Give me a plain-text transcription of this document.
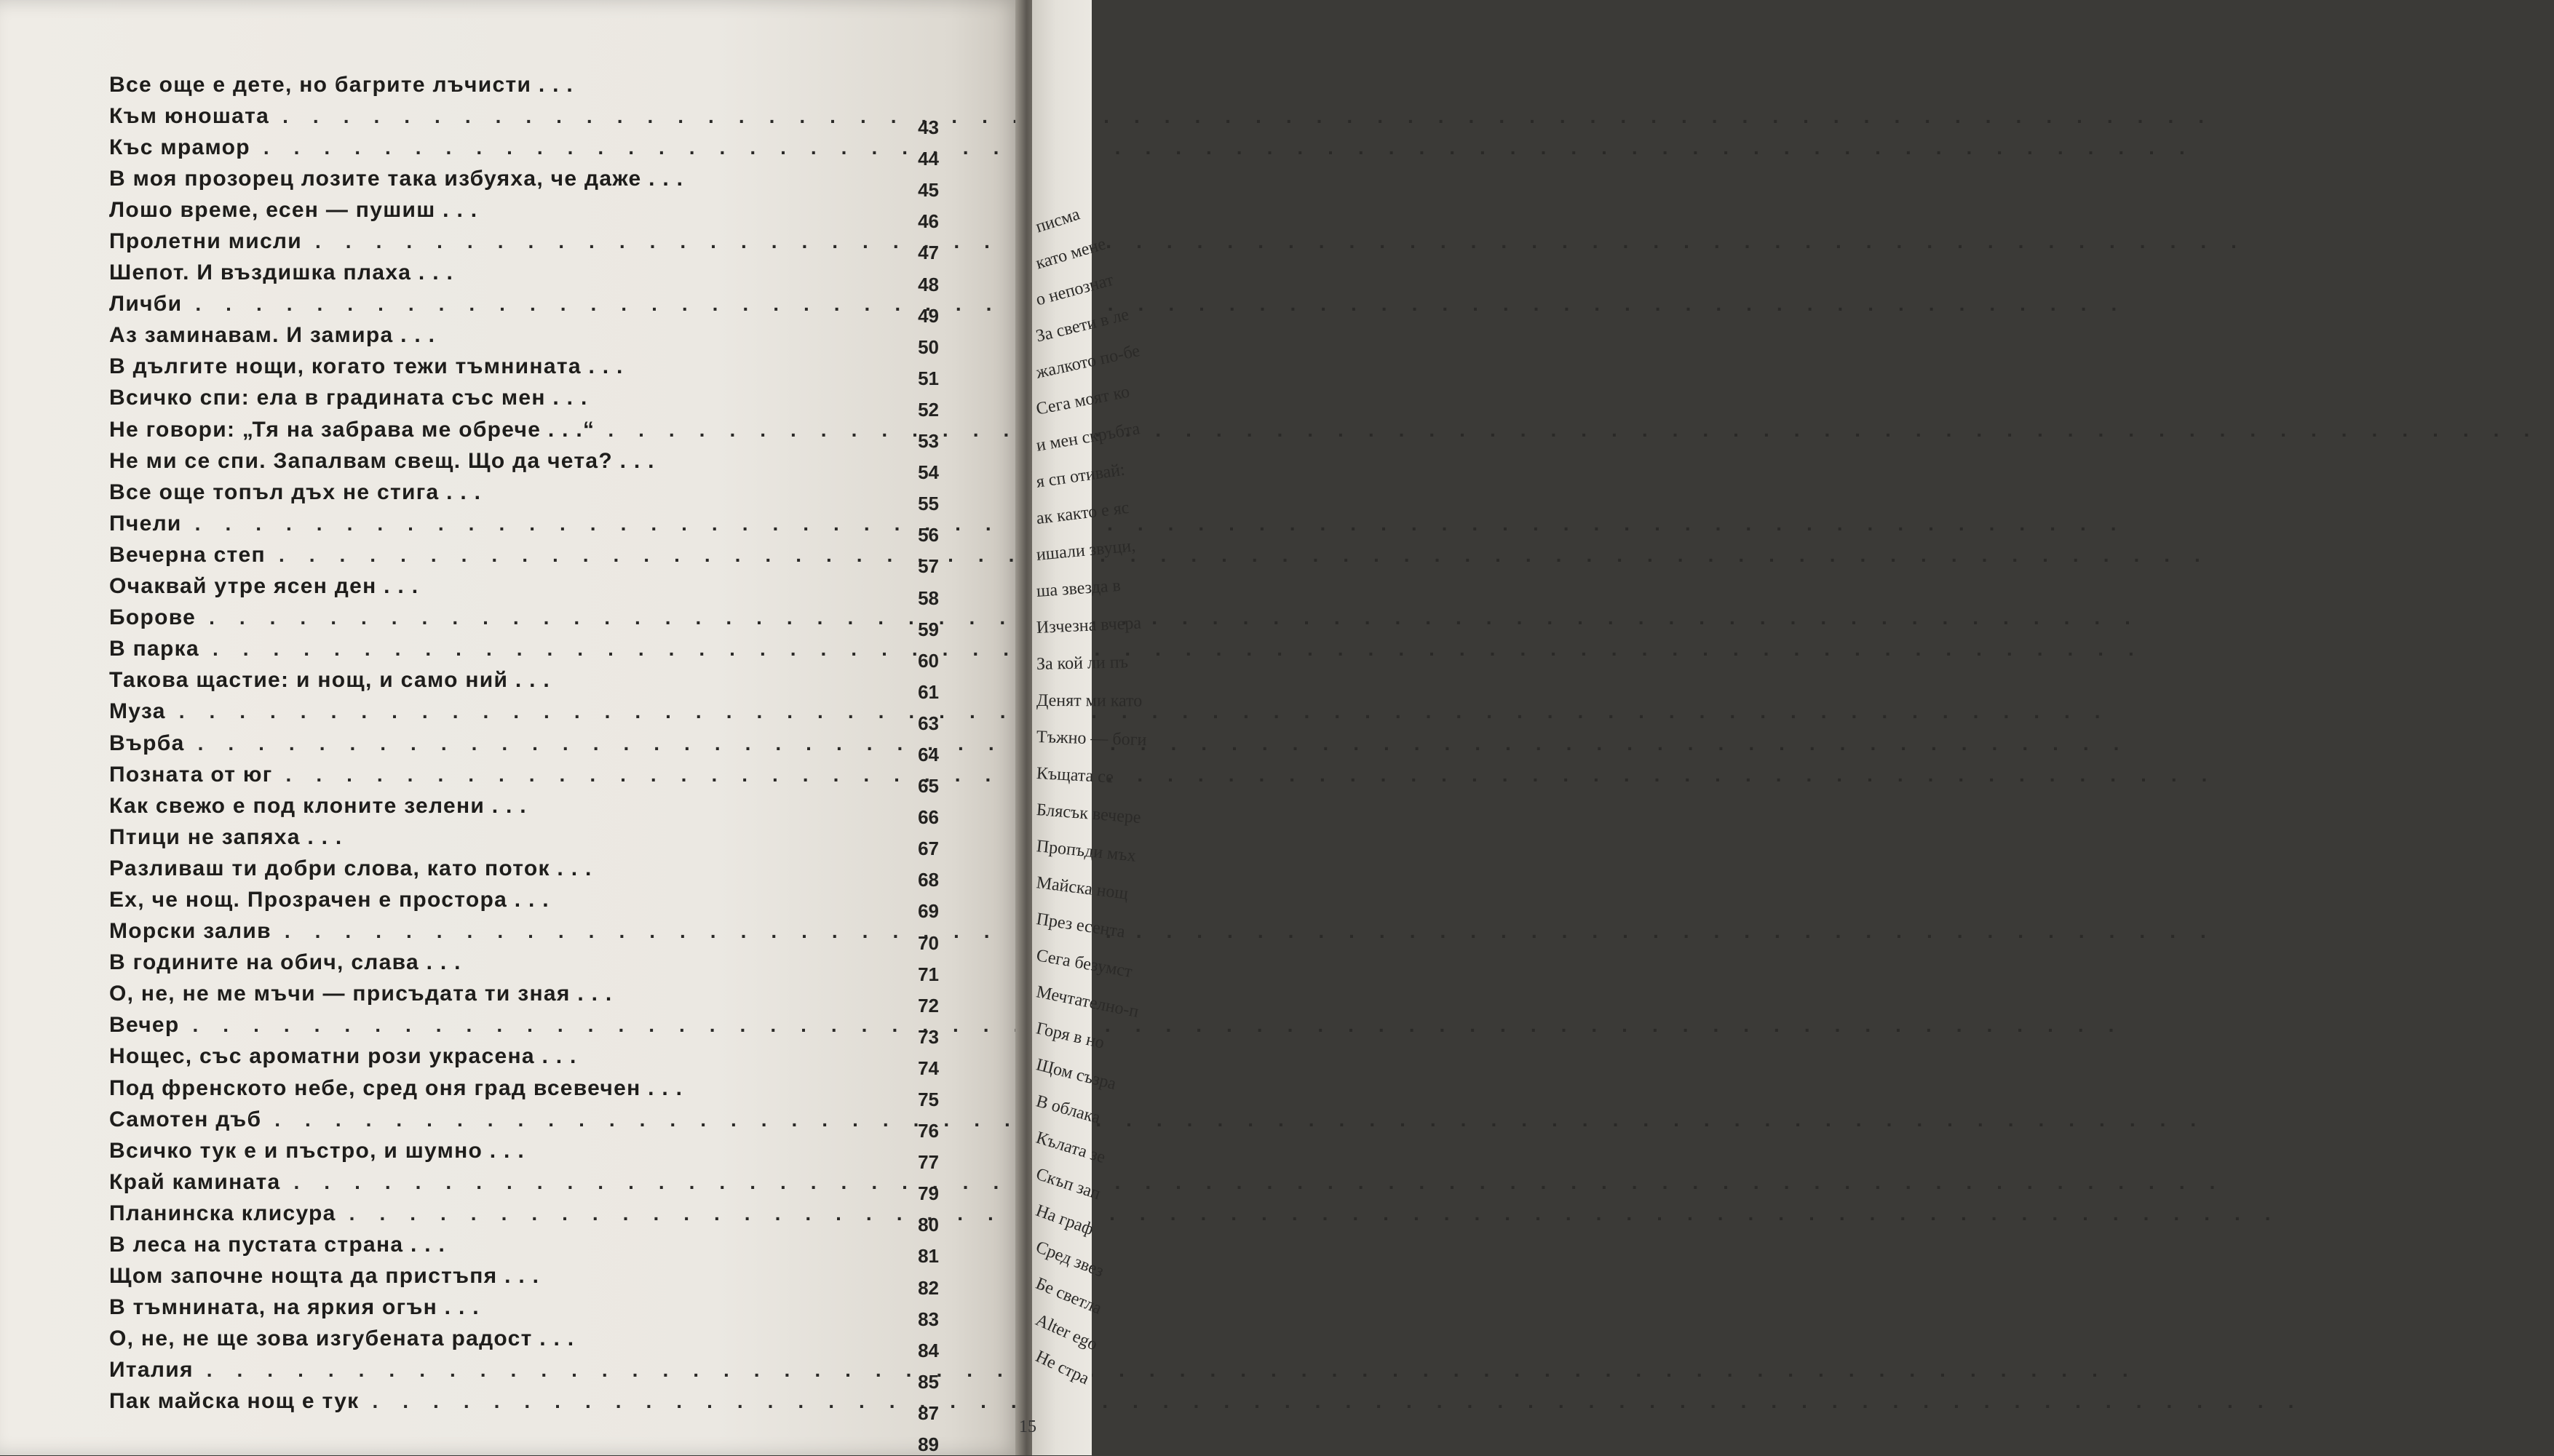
Все още е дете, но багрите лъчисти . . .
Към юношата .....	43
Къс мрамор .....	44
В моя прозорец лозите така избуяха, че даже . . .	45
Лошо време, есен — пушиш . . .	46
Пролетни мисли .....	47
Шепот. И въздишка плаха . . .	48
Личби .....	49
Аз заминавам. И замира . . .	50
В дългите нощи, когато тежи тъмнината . . .	51
Всичко спи: ела в градината със мен . . .	52
Не говори: „Тя на забрава ме обрече . . .“ .....	53
Не ми се спи. Запалвам свещ. Що да чета? . . .	54
Все още топъл дъх не стига . . .	55
Пчели .....	56
Вечерна степ .....	57
Очаквай утре ясен ден . . .	58
Борове .....	59
В парка .....	60
Такова щастие: и нощ, и само ний . . .	61
Муза .....	63
Върба .....	64
Позната от юг .....	65
Как свежо е под клоните зелени . . .	66
Птици не запяха . . .	67
Разливаш ти добри слова, като поток . . .	68
Ех, че нощ. Прозрачен е простора . . .	69
Морски залив .....	70
В годините на обич, слава . . .	71
О, не, не ме мъчи — присъдата ти зная . . .	72
Вечер .....	73
Нощес, със ароматни рози украсена . . .	74
Под френското небе, сред оня град всевечен . . .	75
Самотен дъб .....	76
Всичко тук е и пъстро, и шумно . . .	77
Край камината .....	79
Планинска клисура .....	80
В леса на пустата страна . . .	81
Щом започне нощта да пристъпя . . .	82
В тъмнината, на яркия огън . . .	83
О, не, не ще зова изгубената радост . . .	84
Италия .....	85
Пак майска нощ е тук .....	87
89
писма
като мене
о непознат
За свети в ле
жалкото по-бе
Сега моят ко
и мен скръбта
я сп отивай:
ак както е яс
ишали звуци,
ша звезда в
Изчезна вчера
За кой ли пъ
Денят ми като
Тъжно — боги
Къщата се
Блясък вечере
Пропъди мъх
Майска нощ
През есента
Сега безумст
Мечтателно-п
Горя в но
Щом съзра
В облака
Кълата зе
Скъп зап
На граф
Сред звез
Бе светла
Alter ego
Не стра
15
